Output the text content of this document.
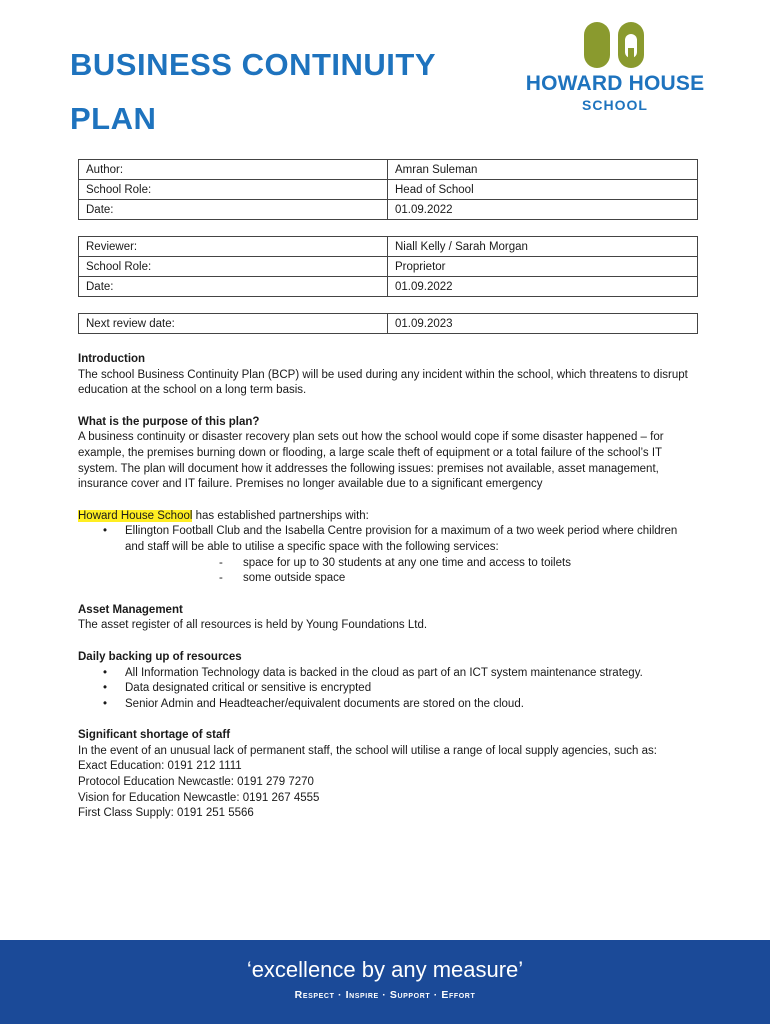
BUSINESS CONTINUITY
PLAN
HOWARD HOUSE
SCHOOL
Author:	Amran Suleman
School Role:	Head of School
Date:	01.09.2022
Reviewer:	Niall Kelly / Sarah Morgan
School Role:	Proprietor
Date:	01.09.2022
Next review date:	01.09.2023
Introduction

The school Business Continuity Plan (BCP) will be used during any incident within the school, which threatens to disrupt education at the school on a long term basis.

What is the purpose of this plan?

A business continuity or disaster recovery plan sets out how the school would cope if some disaster happened – for example, the premises burning down or flooding, a large scale theft of equipment or a total failure of the school’s IT system. The plan will document how it addresses the following issues: premises not available, asset management, insurance cover and IT failure. Premises no longer available due to a significant emergency

Howard House School has established partnerships with:

• Ellington Football Club and the Isabella Centre provision for a maximum of a two week period where children and staff will be able to utilise a specific space with the following services:
- space for up to 30 students at any one time and access to toilets
- some outside space
Asset Management

The asset register of all resources is held by Young Foundations Ltd.

Daily backing up of resources
• All Information Technology data is backed in the cloud as part of an ICT system maintenance strategy.
• Data designated critical or sensitive is encrypted
• Senior Admin and Headteacher/equivalent documents are stored on the cloud.
Significant shortage of staff

In the event of an unusual lack of permanent staff, the school will utilise a range of local supply agencies, such as:

Exact Education: 0191 212 1111

Protocol Education Newcastle: 0191 279 7270

Vision for Education Newcastle: 0191 267 4555

First Class Supply: 0191 251 5566

‘excellence by any measure’
Respect · Inspire · Support · Effort
